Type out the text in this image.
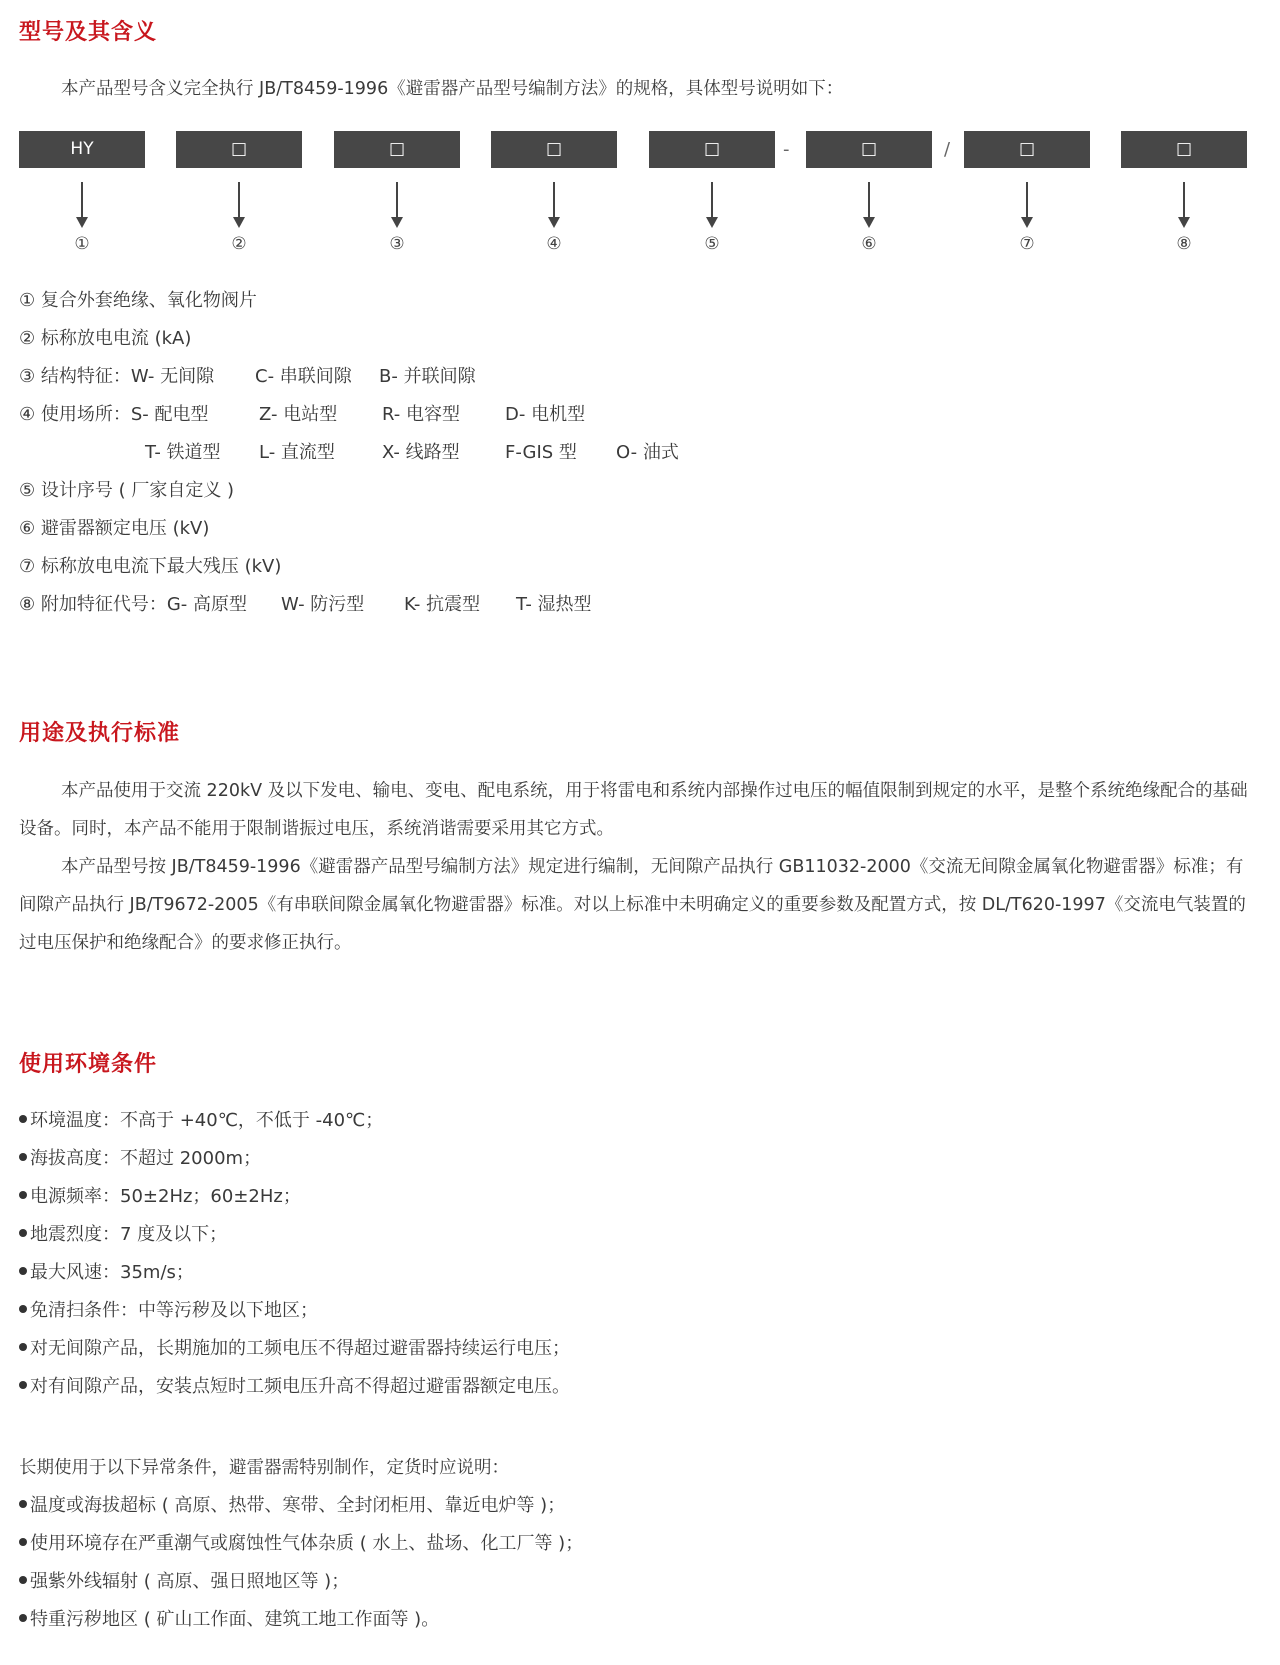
型号及其含义

本产品型号含义完全执行 JB/T8459-1996《避雷器产品型号编制方法》的规格，具体型号说明如下：

HY	□	□	□	□	-	□	/	□	□
①	②	③	④	⑤	⑥	⑦	⑧
① 复合外套绝缘、氧化物阀片
② 标称放电电流 (kA)
③ 结构特征：W- 无间隙 C- 串联间隙 B- 并联间隙
④ 使用场所：S- 配电型	Z- 电站型 R- 电容型	D- 电机型
T- 铁道型 L- 直流型	X- 线路型	F-GIS 型 O- 油式
⑤ 设计序号 ( 厂家自定义 )
⑥ 避雷器额定电压 (kV)
⑦ 标称放电电流下最大残压 (kV)
⑧ 附加特征代号：G- 高原型 W- 防污型 K- 抗震型 T- 湿热型
用途及执行标准

本产品使用于交流 220kV 及以下发电、输电、变电、配电系统，用于将雷电和系统内部操作过电压的幅值限制到规定的水平，是整个系统绝缘配合的基础设备。同时，本产品不能用于限制谐振过电压，系统消谐需要采用其它方式。

本产品型号按 JB/T8459-1996《避雷器产品型号编制方法》规定进行编制，无间隙产品执行 GB11032-2000《交流无间隙金属氧化物避雷器》标准；有间隙产品执行 JB/T9672-2005《有串联间隙金属氧化物避雷器》标准。对以上标准中未明确定义的重要参数及配置方式，按 DL/T620-1997《交流电气装置的过电压保护和绝缘配合》的要求修正执行。

使用环境条件
环境温度：不高于 +40℃，不低于 -40℃；
海拔高度：不超过 2000m；
电源频率：50±2Hz；60±2Hz；
地震烈度：7 度及以下；
最大风速：35m/s；
免清扫条件：中等污秽及以下地区；
对无间隙产品，长期施加的工频电压不得超过避雷器持续运行电压；
对有间隙产品，安装点短时工频电压升高不得超过避雷器额定电压。

长期使用于以下异常条件，避雷器需特别制作，定货时应说明：

温度或海拔超标 ( 高原、热带、寒带、全封闭柜用、靠近电炉等 )；
使用环境存在严重潮气或腐蚀性气体杂质 ( 水上、盐场、化工厂等 )；
强紫外线辐射 ( 高原、强日照地区等 )；
特重污秽地区 ( 矿山工作面、建筑工地工作面等 )。
